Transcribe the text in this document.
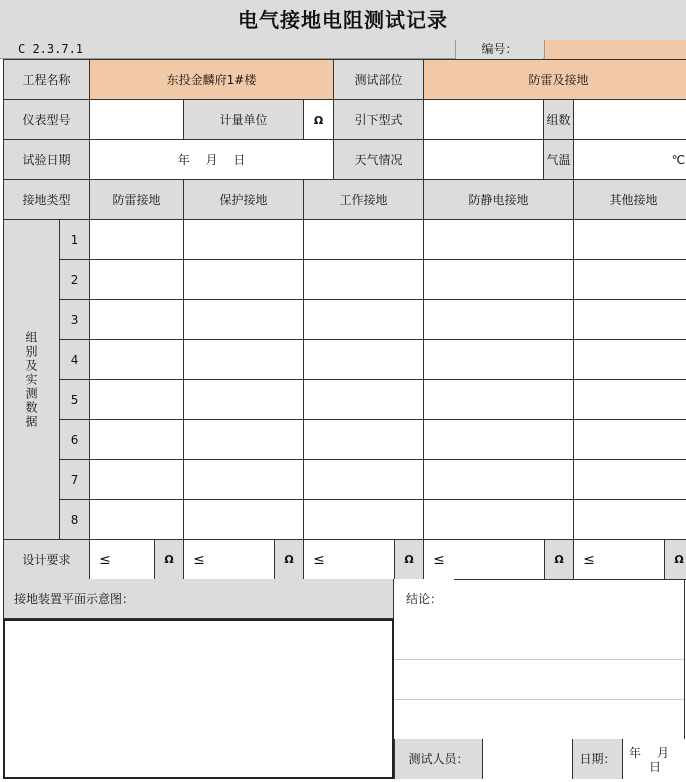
电气接地电阻测试记录
C 2.3.7.1	编号：
工程名称		东投金麟府1#楼			测试部位	防雷及接地		
仪表型号			计量单位	Ω	引下型式		组数	
试验日期		年　 月　 日			天气情况		气温	℃
接地类型		防雷接地	保护接地	工作接地		防静电接地		其他接地

组别及实测数据	1							
	2							
	3							
	4							
	5							
	6							
	7							
	8							
设计要求		≤ Ω	≤ Ω	≤ Ω		≤ Ω		≤ Ω
接地装置平面示意图：	结论：
测试人员：	日期：	年 月
日
